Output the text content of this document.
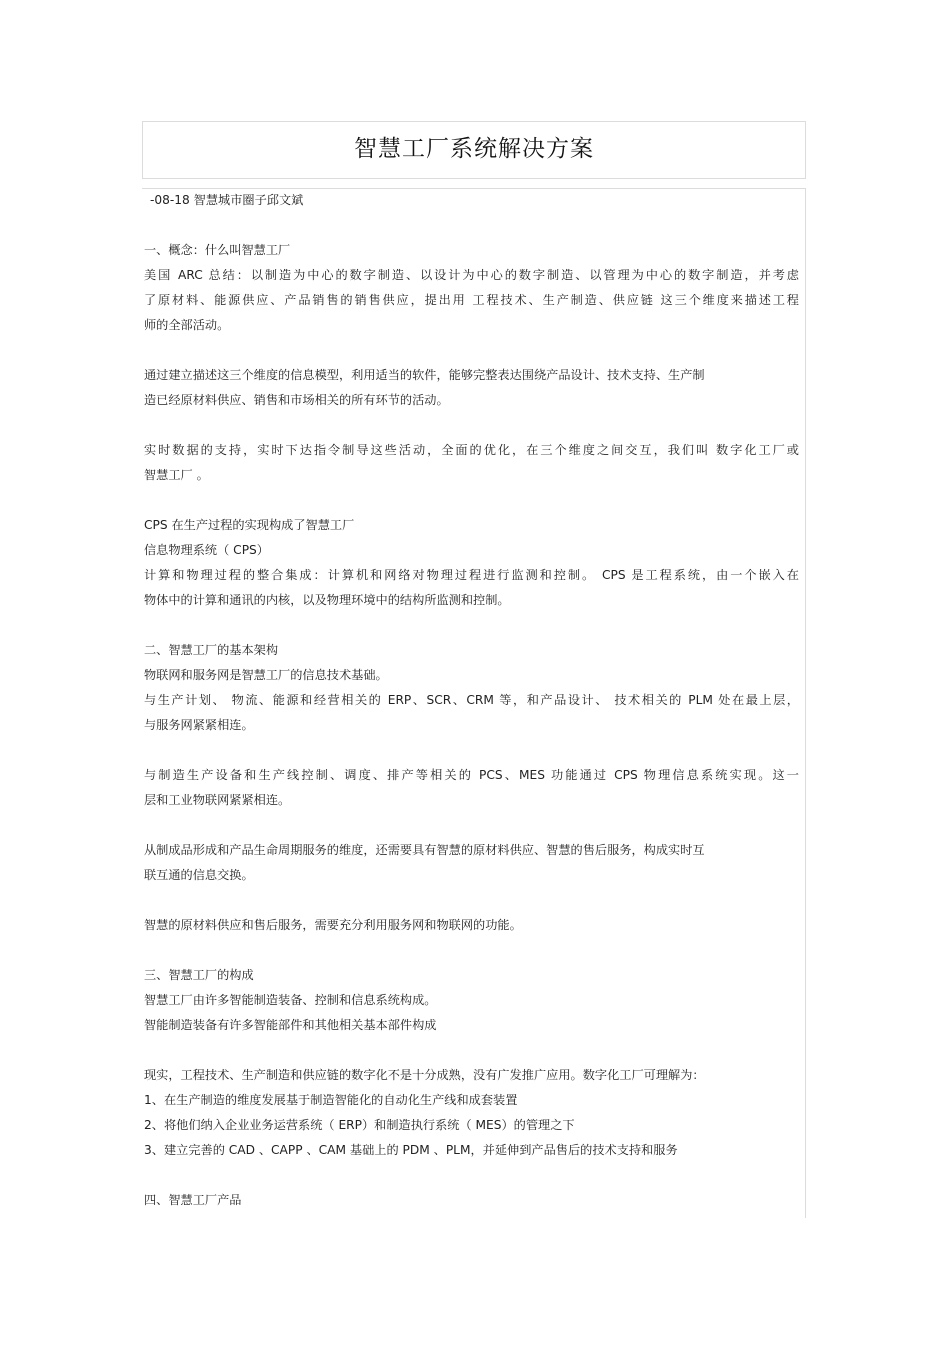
智慧工厂系统解决方案
-08-18 智慧城市圈子邱文斌
一、概念：什么叫智慧工厂
美国 ARC 总结：以制造为中心的数字制造、以设计为中心的数字制造、以管理为中心的数字制造，并考虑
了原材料、能源供应、产品销售的销售供应，提出用 工程技术、生产制造、供应链 这三个维度来描述工程
师的全部活动。
通过建立描述这三个维度的信息模型，利用适当的软件，能够完整表达围绕产品设计、技术支持、生产制
造已经原材料供应、销售和市场相关的所有环节的活动。
实时数据的支持，实时下达指令制导这些活动，全面的优化，在三个维度之间交互，我们叫 数字化工厂或
智慧工厂 。
CPS 在生产过程的实现构成了智慧工厂
信息物理系统（ CPS）
计算和物理过程的整合集成：计算机和网络对物理过程进行监测和控制。 CPS 是工程系统，由一个嵌入在
物体中的计算和通讯的内核，以及物理环境中的结构所监测和控制。
二、智慧工厂的基本架构
物联网和服务网是智慧工厂的信息技术基础。
与生产计划、 物流、能源和经营相关的 ERP、SCR、CRM 等，和产品设计、 技术相关的 PLM 处在最上层，
与服务网紧紧相连。
与制造生产设备和生产线控制、调度、排产等相关的 PCS、MES 功能通过 CPS 物理信息系统实现。这一
层和工业物联网紧紧相连。
从制成品形成和产品生命周期服务的维度，还需要具有智慧的原材料供应、智慧的售后服务，构成实时互
联互通的信息交换。
智慧的原材料供应和售后服务，需要充分利用服务网和物联网的功能。
三、智慧工厂的构成
智慧工厂由许多智能制造装备、控制和信息系统构成。
智能制造装备有许多智能部件和其他相关基本部件构成
现实，工程技术、生产制造和供应链的数字化不是十分成熟，没有广发推广应用。数字化工厂可理解为：
1、在生产制造的维度发展基于制造智能化的自动化生产线和成套装置
2、将他们纳入企业业务运营系统（ ERP）和制造执行系统（ MES）的管理之下
3、建立完善的 CAD 、CAPP 、CAM 基础上的 PDM 、PLM，并延伸到产品售后的技术支持和服务
四、智慧工厂产品
